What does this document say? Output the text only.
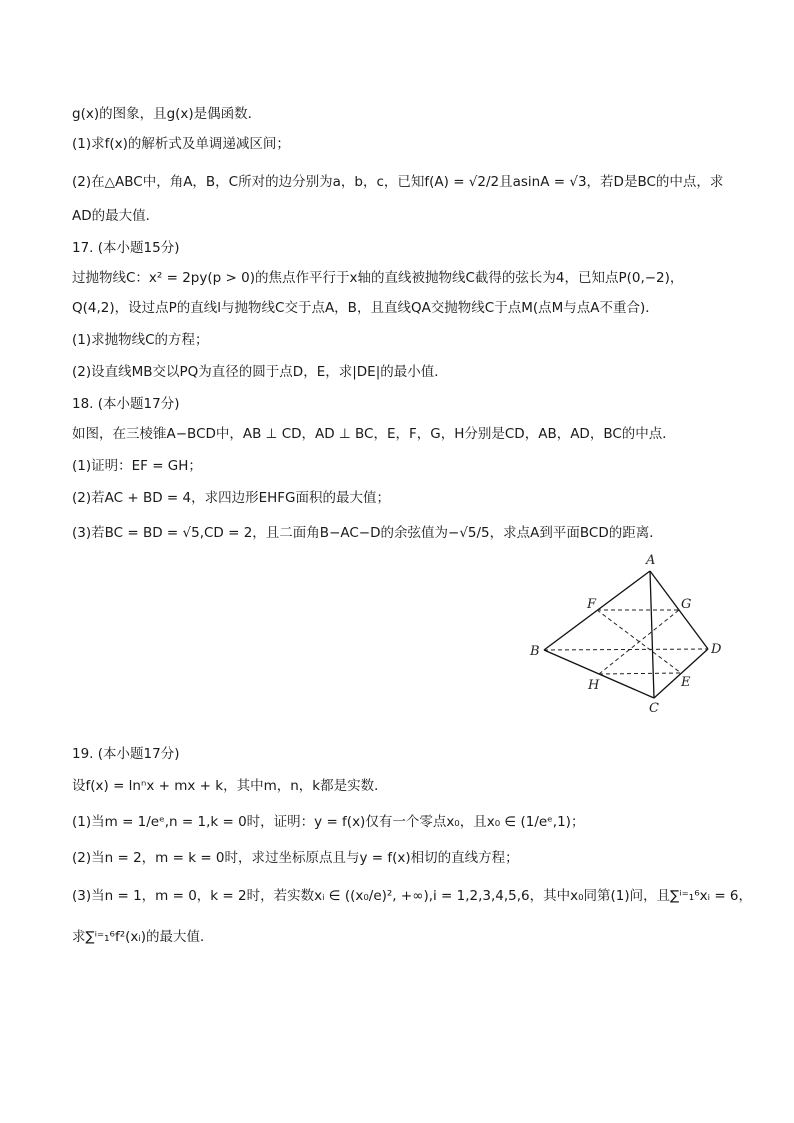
g(x)的图象，且g(x)是偶函数．
(1)求f(x)的解析式及单调递减区间；
(2)在△ABC中，角A，B，C所对的边分别为a，b，c，已知f(A) = √2/2且asinA = √3，若D是BC的中点，求
AD的最大值．
17. (本小题15分)
过抛物线C：x² = 2py(p > 0)的焦点作平行于x轴的直线被抛物线C截得的弦长为4，已知点P(0,−2)，
Q(4,2)，设过点P的直线l与抛物线C交于点A，B，且直线QA交抛物线C于点M(点M与点A不重合)．
(1)求抛物线C的方程；
(2)设直线MB交以PQ为直径的圆于点D，E，求|DE|的最小值．
18. (本小题17分)
如图，在三棱锥A−BCD中，AB ⊥ CD，AD ⊥ BC，E，F，G，H分别是CD，AB，AD，BC的中点．
(1)证明：EF = GH；
(2)若AC + BD = 4，求四边形EHFG面积的最大值；
(3)若BC = BD = √5,CD = 2，且二面角B−AC−D的余弦值为−√5/5，求点A到平面BCD的距离．
A
B
C
D
E
F	G
H
19. (本小题17分)
设f(x) = lnⁿx + mx + k，其中m，n，k都是实数．
(1)当m = 1/eᵉ,n = 1,k = 0时，证明：y = f(x)仅有一个零点x₀，且x₀ ∈ (1/eᵉ,1)；
(2)当n = 2，m = k = 0时，求过坐标原点且与y = f(x)相切的直线方程；
(3)当n = 1，m = 0，k = 2时，若实数xᵢ ∈ ((x₀/e)², +∞),i = 1,2,3,4,5,6，其中x₀同第(1)问，且∑ⁱ⁼₁⁶xᵢ = 6，
求∑ⁱ⁼₁⁶f²(xᵢ)的最大值．
